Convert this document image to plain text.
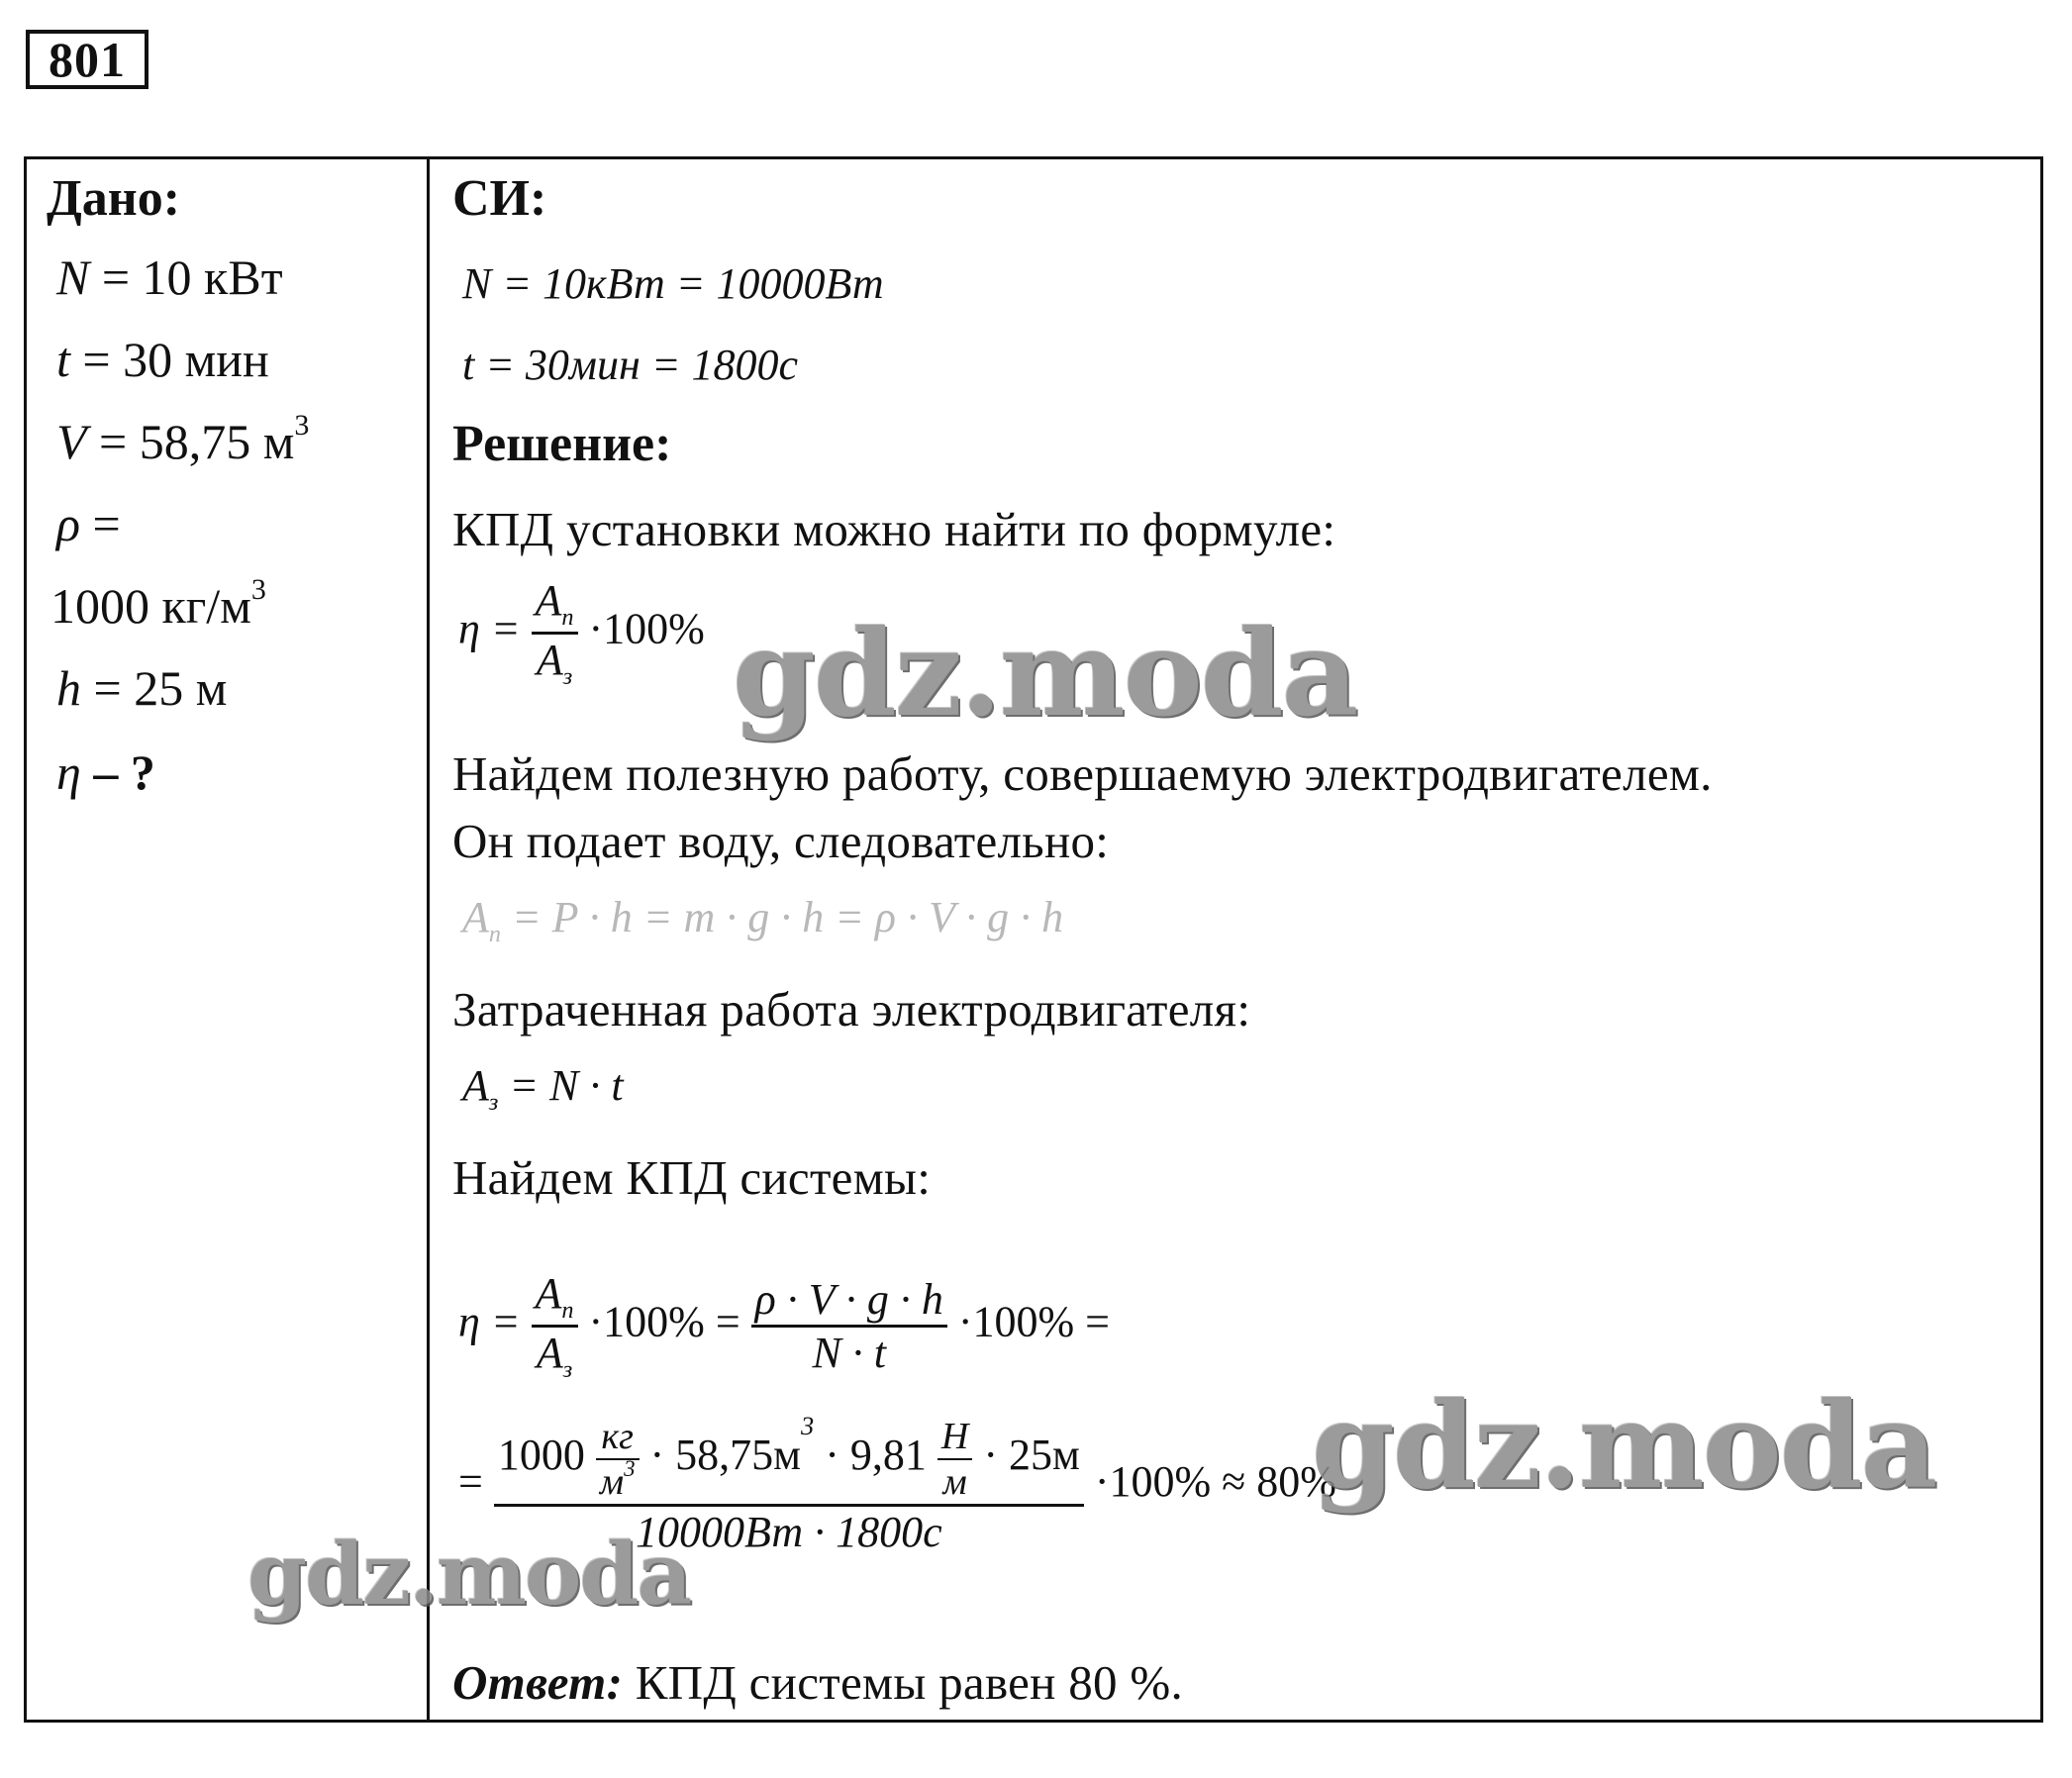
801
Дано:
N = 10 кВт
t = 30 мин
V = 58,75 $м^3$
ρ =
1000 $кг/м^3$
h = 25 м
η – ?
СИ:
N = 10кВт = 10000Вт
t = 30мин = 1800с
Решение:
КПД установки можно найти по формуле:
$\eta = \frac{A_п}{A_з} \cdot 100\%$
Найдем полезную работу, совершаемую электродвигателем.
Он подает воду, следовательно:
$A_п = P \cdot h = m \cdot g \cdot h = \rho \cdot V \cdot g \cdot h$
Затраченная работа электродвигателя:
$A_з = N \cdot t$
Найдем КПД системы:
$\eta = \frac{A_п}{A_з} \cdot 100\% = \frac{\rho \cdot V \cdot g \cdot h}{N \cdot t} \cdot 100\%$ =
=
$1000 \frac{кг}{м^3} \cdot 58,75м^3 \cdot 9,81 \frac{Н}{м} \cdot 25м$
10000Вт · 1800с
·100% ≈ 80%
Ответ: КПД системы равен 80 %.
gdz.moda
gdz.moda
gdz.moda
